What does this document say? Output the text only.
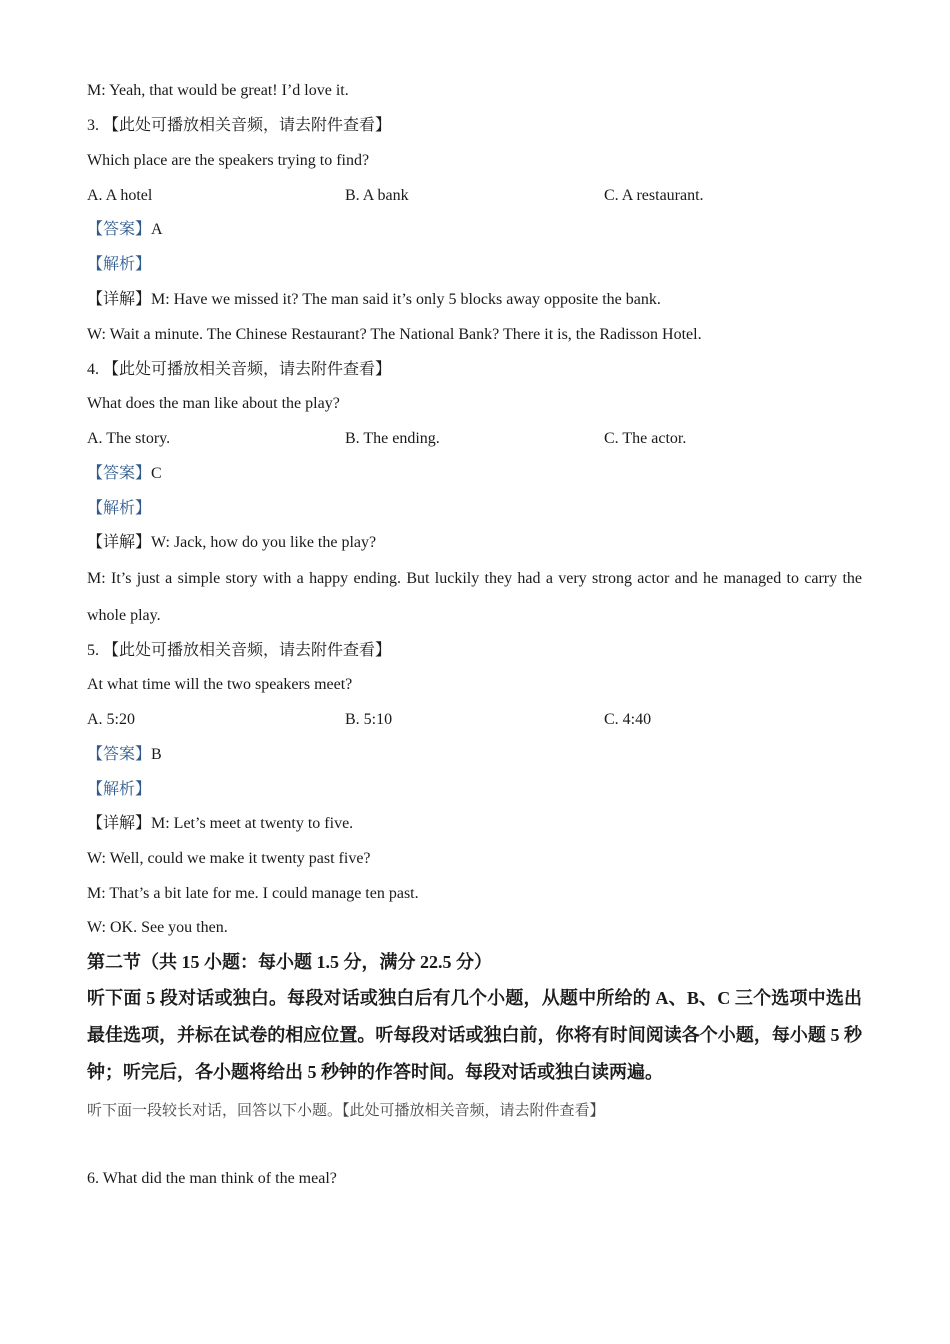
M: Yeah, that would be great! I’d love it.
3. 【此处可播放相关音频，请去附件查看】
Which place are the speakers trying to find?
A. A hotel	B. A bank	C. A restaurant.
【答案】A
【解析】
【详解】M: Have we missed it? The man said it’s only 5 blocks away opposite the bank.
W: Wait a minute. The Chinese Restaurant? The National Bank? There it is, the Radisson Hotel.
4. 【此处可播放相关音频，请去附件查看】
What does the man like about the play?
A. The story.	B. The ending.	C. The actor.
【答案】C
【解析】
【详解】W: Jack, how do you like the play?
M: It’s just a simple story with a happy ending. But luckily they had a very strong actor and he managed to carry the whole play.
5. 【此处可播放相关音频，请去附件查看】
At what time will the two speakers meet?
A. 5:20	B. 5:10	C. 4:40
【答案】B
【解析】
【详解】M: Let’s meet at twenty to five.
W: Well, could we make it twenty past five?
M: That’s a bit late for me. I could manage ten past.
W: OK. See you then.
第二节（共 15 小题：每小题 1.5 分，满分 22.5 分）
听下面 5 段对话或独白。每段对话或独白后有几个小题，从题中所给的 A、B、C 三个选项中选出最佳选项，并标在试卷的相应位置。听每段对话或独白前，你将有时间阅读各个小题，每小题 5 秒钟；听完后，各小题将给出 5 秒钟的作答时间。每段对话或独白读两遍。
听下面一段较长对话，回答以下小题。【此处可播放相关音频，请去附件查看】
6. What did the man think of the meal?
